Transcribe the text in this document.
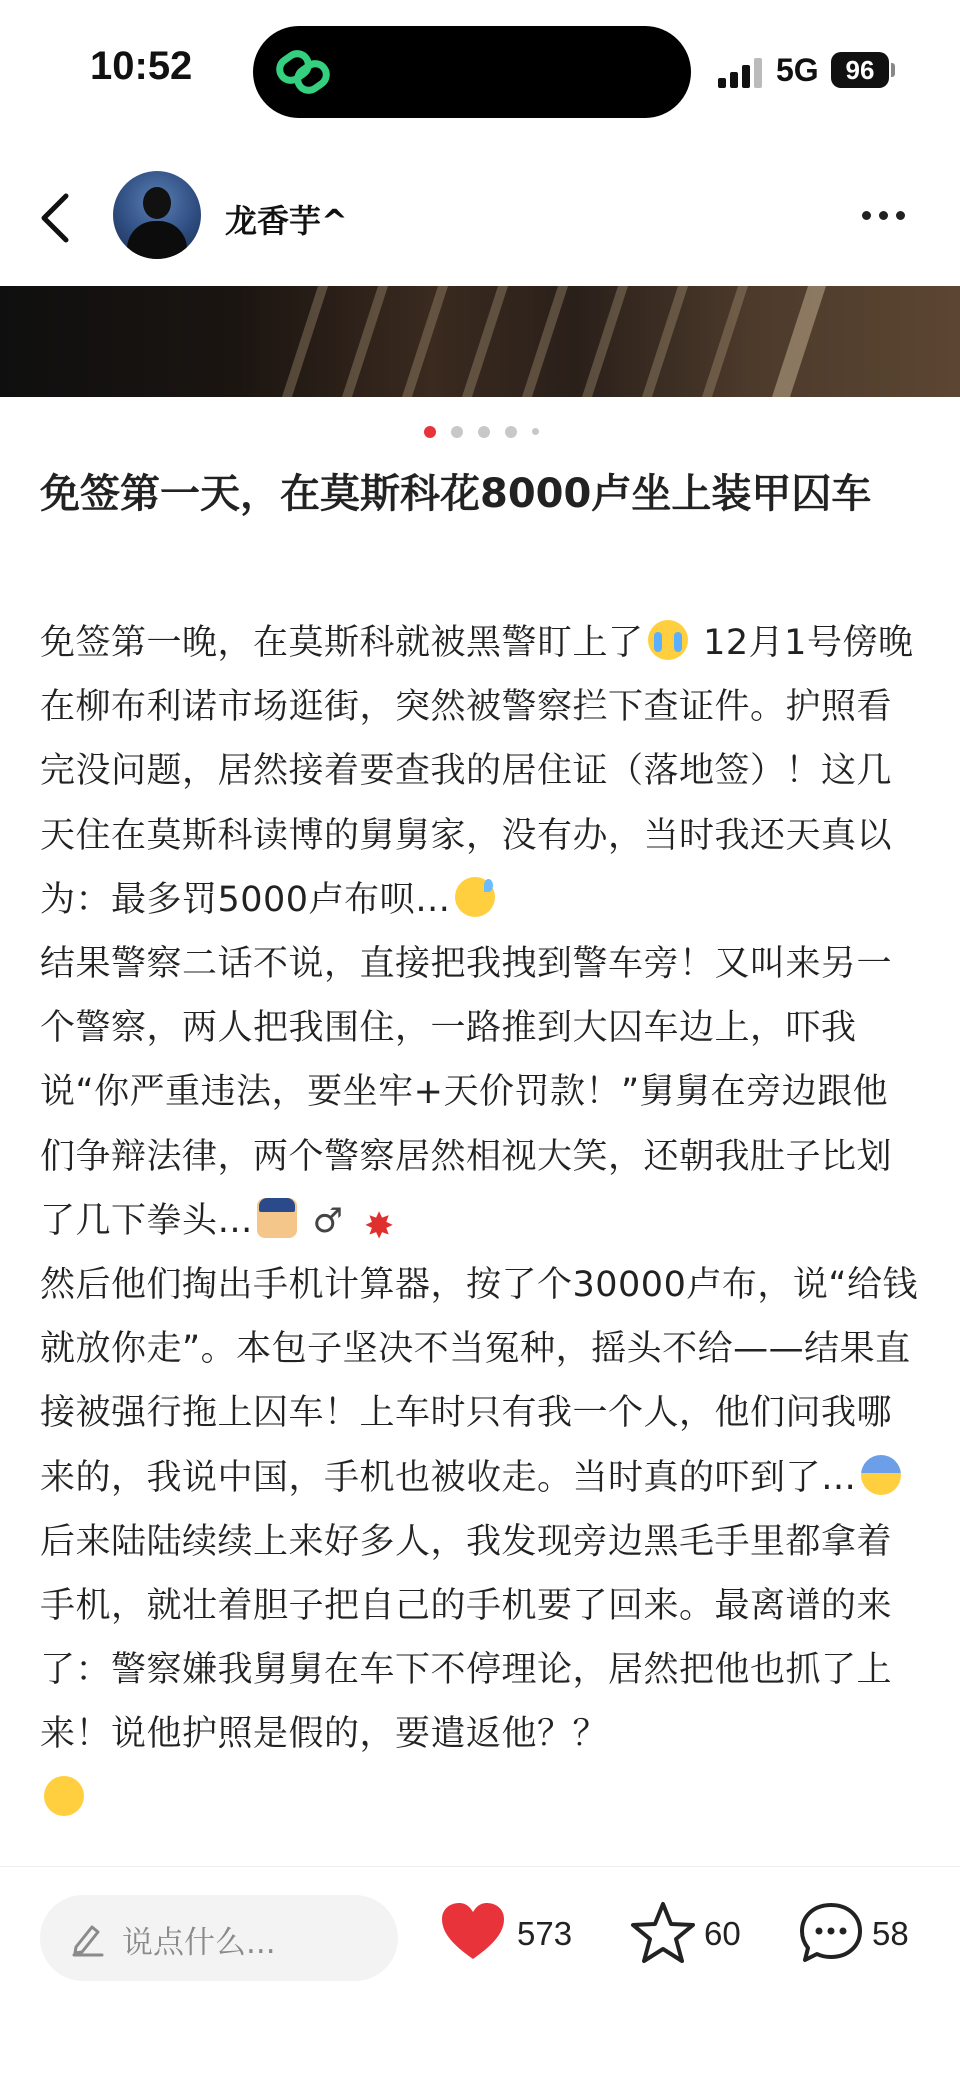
10:52	5G	96
龙香芋^

免签第一天，在莫斯科花8000卢坐上装甲囚车

免签第一晚，在莫斯科就被黑警盯上了 12月1号傍晚在柳布利诺市场逛街，突然被警察拦下查证件。护照看完没问题，居然接着要查我的居住证（落地签）！这几天住在莫斯科读博的舅舅家，没有办，当时我还天真以为：最多罚5000卢布呗…

结果警察二话不说，直接把我拽到警车旁！又叫来另一个警察，两人把我围住，一路推到大囚车边上，吓我说“你严重违法，要坐牢+天价罚款！”舅舅在旁边跟他们争辩法律，两个警察居然相视大笑，还朝我肚子比划了几下拳头… ♂ ✸

然后他们掏出手机计算器，按了个30000卢布，说“给钱就放你走”。本包子坚决不当冤种，摇头不给——结果直接被强行拖上囚车！上车时只有我一个人，他们问我哪来的，我说中国，手机也被收走。当时真的吓到了…

后来陆陆续续上来好多人，我发现旁边黑毛手里都拿着手机，就壮着胆子把自己的手机要了回来。最离谱的来了：警察嫌我舅舅在车下不停理论，居然把他也抓了上来！说他护照是假的，要遣返他？？

说点什么...	573	60	58
